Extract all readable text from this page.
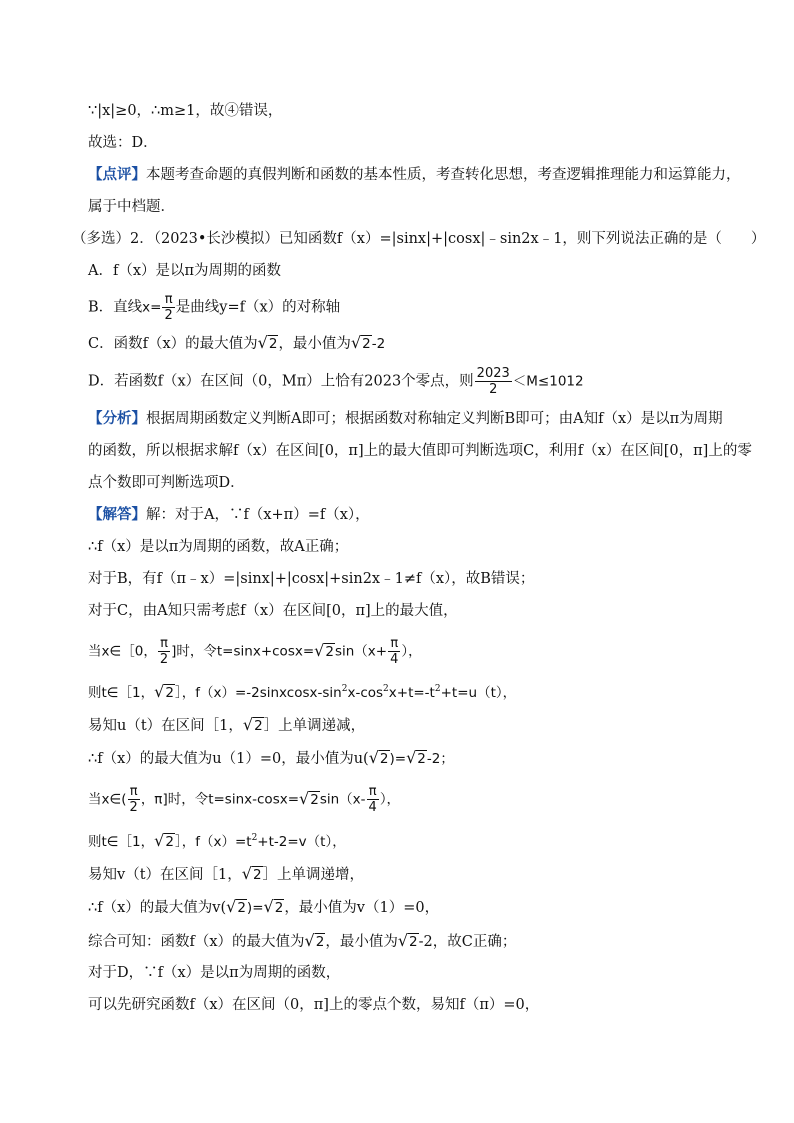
∵|x|≥0，∴m≥1，故④错误，
故选：D．
【点评】本题考查命题的真假判断和函数的基本性质，考查转化思想，考查逻辑推理能力和运算能力，
属于中档题．
（多选）2．（2023•长沙模拟）已知函数f（x）=|sinx|+|cosx|﹣sin2x﹣1，则下列说法正确的是（　　）
A．f（x）是以π为周期的函数
B．直线$x= \frac{\pi}{2}$ 是曲线y=f（x）的对称轴
C．函数f（x）的最大值为√2，最小值为√2-2
D．若函数f（x）在区间（0，Mπ）上恰有2023个零点，则 $\frac{2023}{2} <M\le 1012$
【分析】根据周期函数定义判断A即可；根据函数对称轴定义判断B即可；由A知f（x）是以π为周期
的函数，所以根据求解f（x）在区间[0，π]上的最大值即可判断选项C，利用f（x）在区间[0，π]上的零
点个数即可判断选项D．
【解答】解：对于A，∵f（x+π）=f（x），
∴f（x）是以π为周期的函数，故A正确；
对于B，有f（π﹣x）=|sinx|+|cosx|+sin2x﹣1≠f（x），故B错误；
对于C，由A知只需考虑f（x）在区间[0，π]上的最大值，
当x∈［0， $\frac{\pi}{2}$ ]时，令$t=\sin x+\cos x=√2\sin(x+ \frac{\pi}{4}$ ），
则t∈［1，√2］，$f(x)=-2sinxcosx-\sin^2x-\cos^2x+t=-t^2+t=u(t)$，
易知u（t）在区间［1，√2］上单调递减，
∴f（x）的最大值为u（1）=0，最小值为u(√2)=√2-2；
当x∈( $\frac{\pi}{2}$ ，π]时，令$t=\sin x-\cos x=√2\sin(x- \frac{\pi}{4}$ ），
则t∈［1，√2］，$f(x)=t^2+t-2=v(t)$，
易知v（t）在区间［1，√2］上单调递增，
∴f（x）的最大值为v(√2)=√2，最小值为v（1）=0，
综合可知：函数f（x）的最大值为√2，最小值为√2-2，故C正确；
对于D，∵f（x）是以π为周期的函数，
可以先研究函数f（x）在区间（0，π]上的零点个数，易知f（π）=0，
